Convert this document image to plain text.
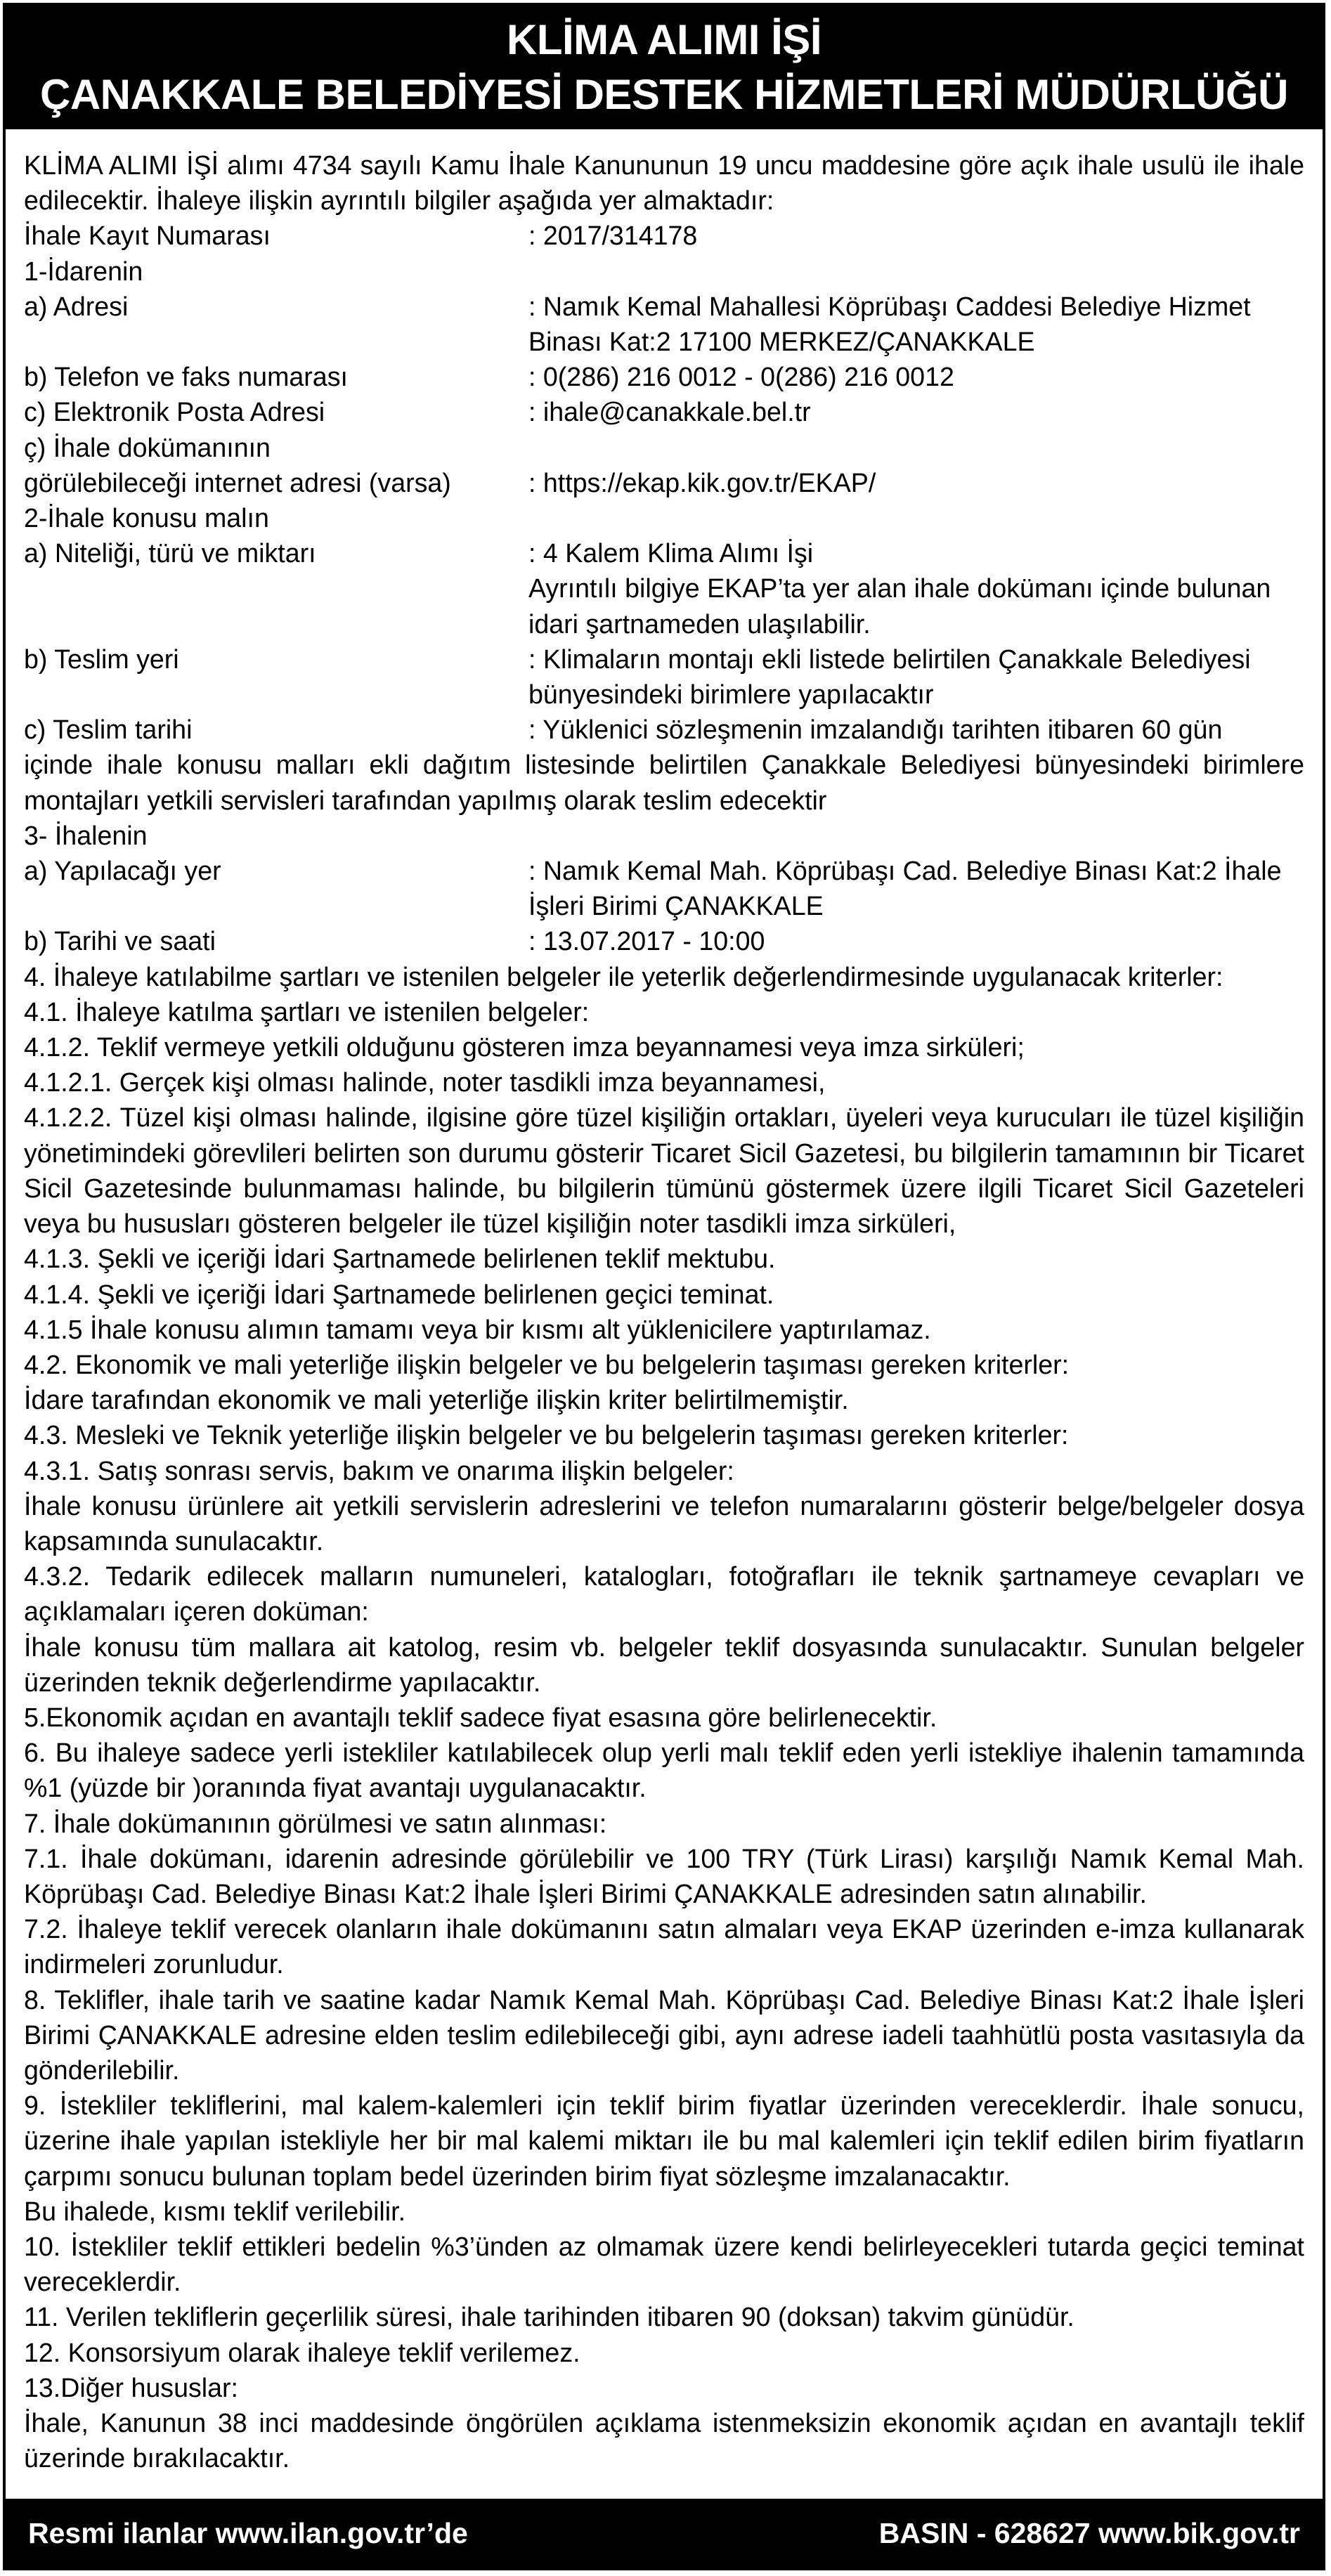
KLİMA ALIMI İŞİ
ÇANAKKALE BELEDİYESİ DESTEK HİZMETLERİ MÜDÜRLÜĞÜ

KLİMA ALIMI İŞİ alımı 4734 sayılı Kamu İhale Kanununun 19 uncu maddesine göre açık ihale usulü ile ihale edilecektir. İhaleye ilişkin ayrıntılı bilgiler aşağıda yer almaktadır:

İhale Kayıt Numarası	: 2017/314178

1-İdarenin

a) Adresi	: Namık Kemal Mahallesi Köprübaşı Caddesi Belediye Hizmet Binası Kat:2 17100 MERKEZ/ÇANAKKALE
b) Telefon ve faks numarası	: 0(286) 216 0012 - 0(286) 216 0012
c) Elektronik Posta Adresi	: ihale@canakkale.bel.tr

ç) İhale dokümanının

görülebileceği internet adresi (varsa)	: https://ekap.kik.gov.tr/EKAP/

2-İhale konusu malın

a) Niteliği, türü ve miktarı	: 4 Kalem Klima Alımı İşi
Ayrıntılı bilgiye EKAP’ta yer alan ihale dokümanı içinde bulunan idari şartnameden ulaşılabilir.
b) Teslim yeri	: Klimaların montajı ekli listede belirtilen Çanakkale Belediyesi bünyesindeki birimlere yapılacaktır
c) Teslim tarihi	: Yüklenici sözleşmenin imzalandığı tarihten itibaren 60 gün

içinde ihale konusu malları ekli dağıtım listesinde belirtilen Çanakkale Belediyesi bünyesindeki birimlere montajları yetkili servisleri tarafından yapılmış olarak teslim edecektir

3- İhalenin

a) Yapılacağı yer	: Namık Kemal Mah. Köprübaşı Cad. Belediye Binası Kat:2 İhale İşleri Birimi ÇANAKKALE
b) Tarihi ve saati	: 13.07.2017 - 10:00

4. İhaleye katılabilme şartları ve istenilen belgeler ile yeterlik değerlendirmesinde uygulanacak kriterler:

4.1. İhaleye katılma şartları ve istenilen belgeler:

4.1.2. Teklif vermeye yetkili olduğunu gösteren imza beyannamesi veya imza sirküleri;

4.1.2.1. Gerçek kişi olması halinde, noter tasdikli imza beyannamesi,

4.1.2.2. Tüzel kişi olması halinde, ilgisine göre tüzel kişiliğin ortakları, üyeleri veya kurucuları ile tüzel kişiliğin yönetimindeki görevlileri belirten son durumu gösterir Ticaret Sicil Gazetesi, bu bilgilerin tamamının bir Ticaret Sicil Gazetesinde bulunmaması halinde, bu bilgilerin tümünü göstermek üzere ilgili Ticaret Sicil Gazeteleri veya bu hususları gösteren belgeler ile tüzel kişiliğin noter tasdikli imza sirküleri,

4.1.3. Şekli ve içeriği İdari Şartnamede belirlenen teklif mektubu.

4.1.4. Şekli ve içeriği İdari Şartnamede belirlenen geçici teminat.

4.1.5 İhale konusu alımın tamamı veya bir kısmı alt yüklenicilere yaptırılamaz.

4.2. Ekonomik ve mali yeterliğe ilişkin belgeler ve bu belgelerin taşıması gereken kriterler:

İdare tarafından ekonomik ve mali yeterliğe ilişkin kriter belirtilmemiştir.

4.3. Mesleki ve Teknik yeterliğe ilişkin belgeler ve bu belgelerin taşıması gereken kriterler:

4.3.1. Satış sonrası servis, bakım ve onarıma ilişkin belgeler:

İhale konusu ürünlere ait yetkili servislerin adreslerini ve telefon numaralarını gösterir belge/belgeler dosya kapsamında sunulacaktır.

4.3.2. Tedarik edilecek malların numuneleri, katalogları, fotoğrafları ile teknik şartnameye cevapları ve açıklamaları içeren doküman:

İhale konusu tüm mallara ait katolog, resim vb. belgeler teklif dosyasında sunulacaktır. Sunulan belgeler üzerinden teknik değerlendirme yapılacaktır.

5.Ekonomik açıdan en avantajlı teklif sadece fiyat esasına göre belirlenecektir.

6. Bu ihaleye sadece yerli istekliler katılabilecek olup yerli malı teklif eden yerli istekliye ihalenin tamamında %1 (yüzde bir )oranında fiyat avantajı uygulanacaktır.

7. İhale dokümanının görülmesi ve satın alınması:

7.1. İhale dokümanı, idarenin adresinde görülebilir ve 100 TRY (Türk Lirası) karşılığı Namık Kemal Mah. Köprübaşı Cad. Belediye Binası Kat:2 İhale İşleri Birimi ÇANAKKALE adresinden satın alınabilir.

7.2. İhaleye teklif verecek olanların ihale dokümanını satın almaları veya EKAP üzerinden e-imza kullanarak indirmeleri zorunludur.

8. Teklifler, ihale tarih ve saatine kadar Namık Kemal Mah. Köprübaşı Cad. Belediye Binası Kat:2 İhale İşleri Birimi ÇANAKKALE adresine elden teslim edilebileceği gibi, aynı adrese iadeli taahhütlü posta vasıtasıyla da gönderilebilir.

9. İstekliler tekliflerini, mal kalem-kalemleri için teklif birim fiyatlar üzerinden vereceklerdir. İhale sonucu, üzerine ihale yapılan istekliyle her bir mal kalemi miktarı ile bu mal kalemleri için teklif edilen birim fiyatların çarpımı sonucu bulunan toplam bedel üzerinden birim fiyat sözleşme imzalanacaktır.

Bu ihalede, kısmı teklif verilebilir.

10. İstekliler teklif ettikleri bedelin %3’ünden az olmamak üzere kendi belirleyecekleri tutarda geçici teminat vereceklerdir.

11. Verilen tekliflerin geçerlilik süresi, ihale tarihinden itibaren 90 (doksan) takvim günüdür.

12. Konsorsiyum olarak ihaleye teklif verilemez.

13.Diğer hususlar:

İhale, Kanunun 38 inci maddesinde öngörülen açıklama istenmeksizin ekonomik açıdan en avantajlı teklif üzerinde bırakılacaktır.

Resmi ilanlar www.ilan.gov.tr’de	BASIN - 628627 www.bik.gov.tr
